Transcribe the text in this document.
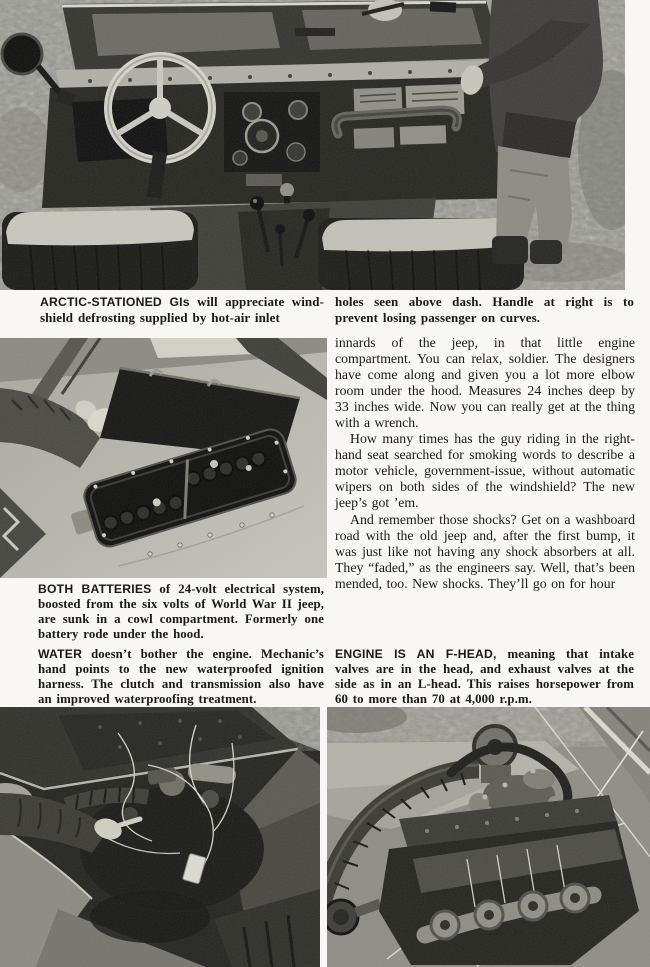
ARCTIC-STATIONED GIs will appreciate wind-shield defrosting supplied by hot-air inlet

holes seen above dash. Handle at right is to prevent losing passenger on curves.

innards of the jeep, in that little engine compartment. You can relax, soldier. The designers have come along and given you a lot more elbow room under the hood. Measures 24 inches deep by 33 inches wide. Now you can really get at the thing with a wrench.

How many times has the guy riding in the right-hand seat searched for smoking words to describe a motor vehicle, government-issue, without automatic wipers on both sides of the windshield? The new jeep’s got ’em.

And remember those shocks? Get on a washboard road with the old jeep and, after the first bump, it was just like not having any shock absorbers at all. They “faded,” as the engineers say. Well, that’s been mended, too. New shocks. They’ll go on for hour

BOTH BATTERIES of 24-volt electrical system, boosted from the six volts of World War II jeep, are sunk in a cowl compartment. Formerly one battery rode under the hood.

WATER doesn’t bother the engine. Mechanic’s hand points to the new waterproofed ignition harness. The clutch and transmission also have an improved waterproofing treatment.

ENGINE IS AN F-HEAD, meaning that intake valves are in the head, and exhaust valves at the side as in an L-head. This raises horsepower from 60 to more than 70 at 4,000 r.p.m.
